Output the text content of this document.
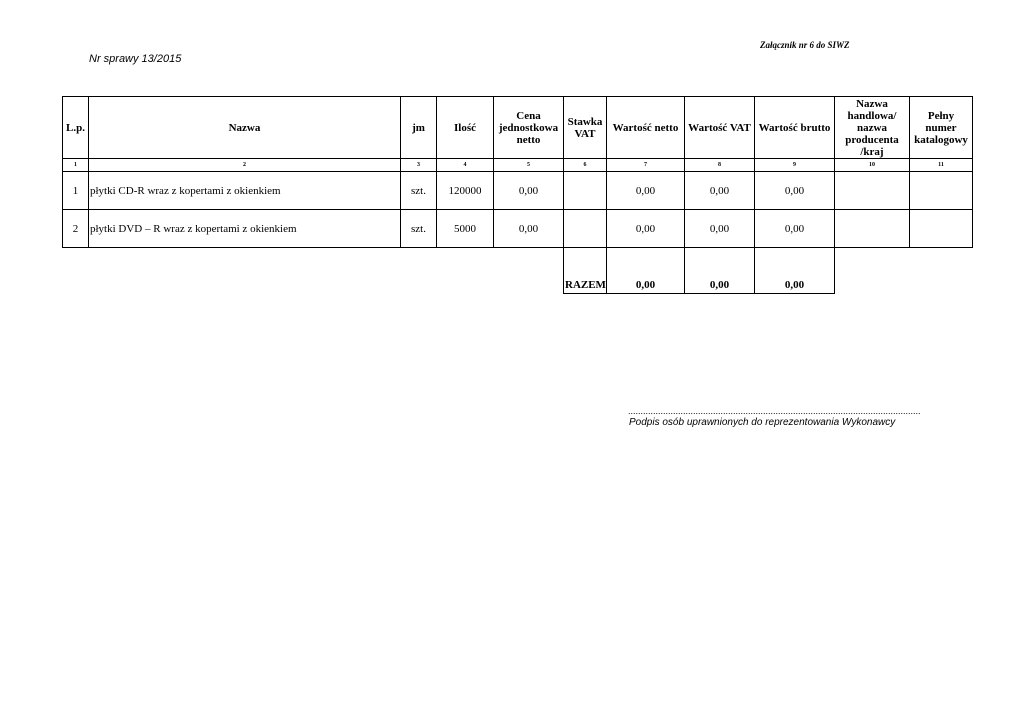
Załącznik nr 6 do SIWZ
Nr sprawy 13/2015
L.p.	Nazwa	jm	Ilość	Cena jednostkowa netto	Stawka VAT	Wartość netto	Wartość VAT	Wartość brutto	Nazwa handlowa/ nazwa producenta /kraj	Pełny numer katalogowy
1	2	3	4	5	6	7	8	9	10	11
1	płytki CD-R wraz z kopertami z okienkiem	szt.	120000	0,00		0,00	0,00	0,00		
2	płytki DVD – R wraz z kopertami z okienkiem	szt.	5000	0,00		0,00	0,00	0,00		
					RAZEM	0,00	0,00	0,00		
.....................................................................................................................
Podpis osób uprawnionych do reprezentowania Wykonawcy
